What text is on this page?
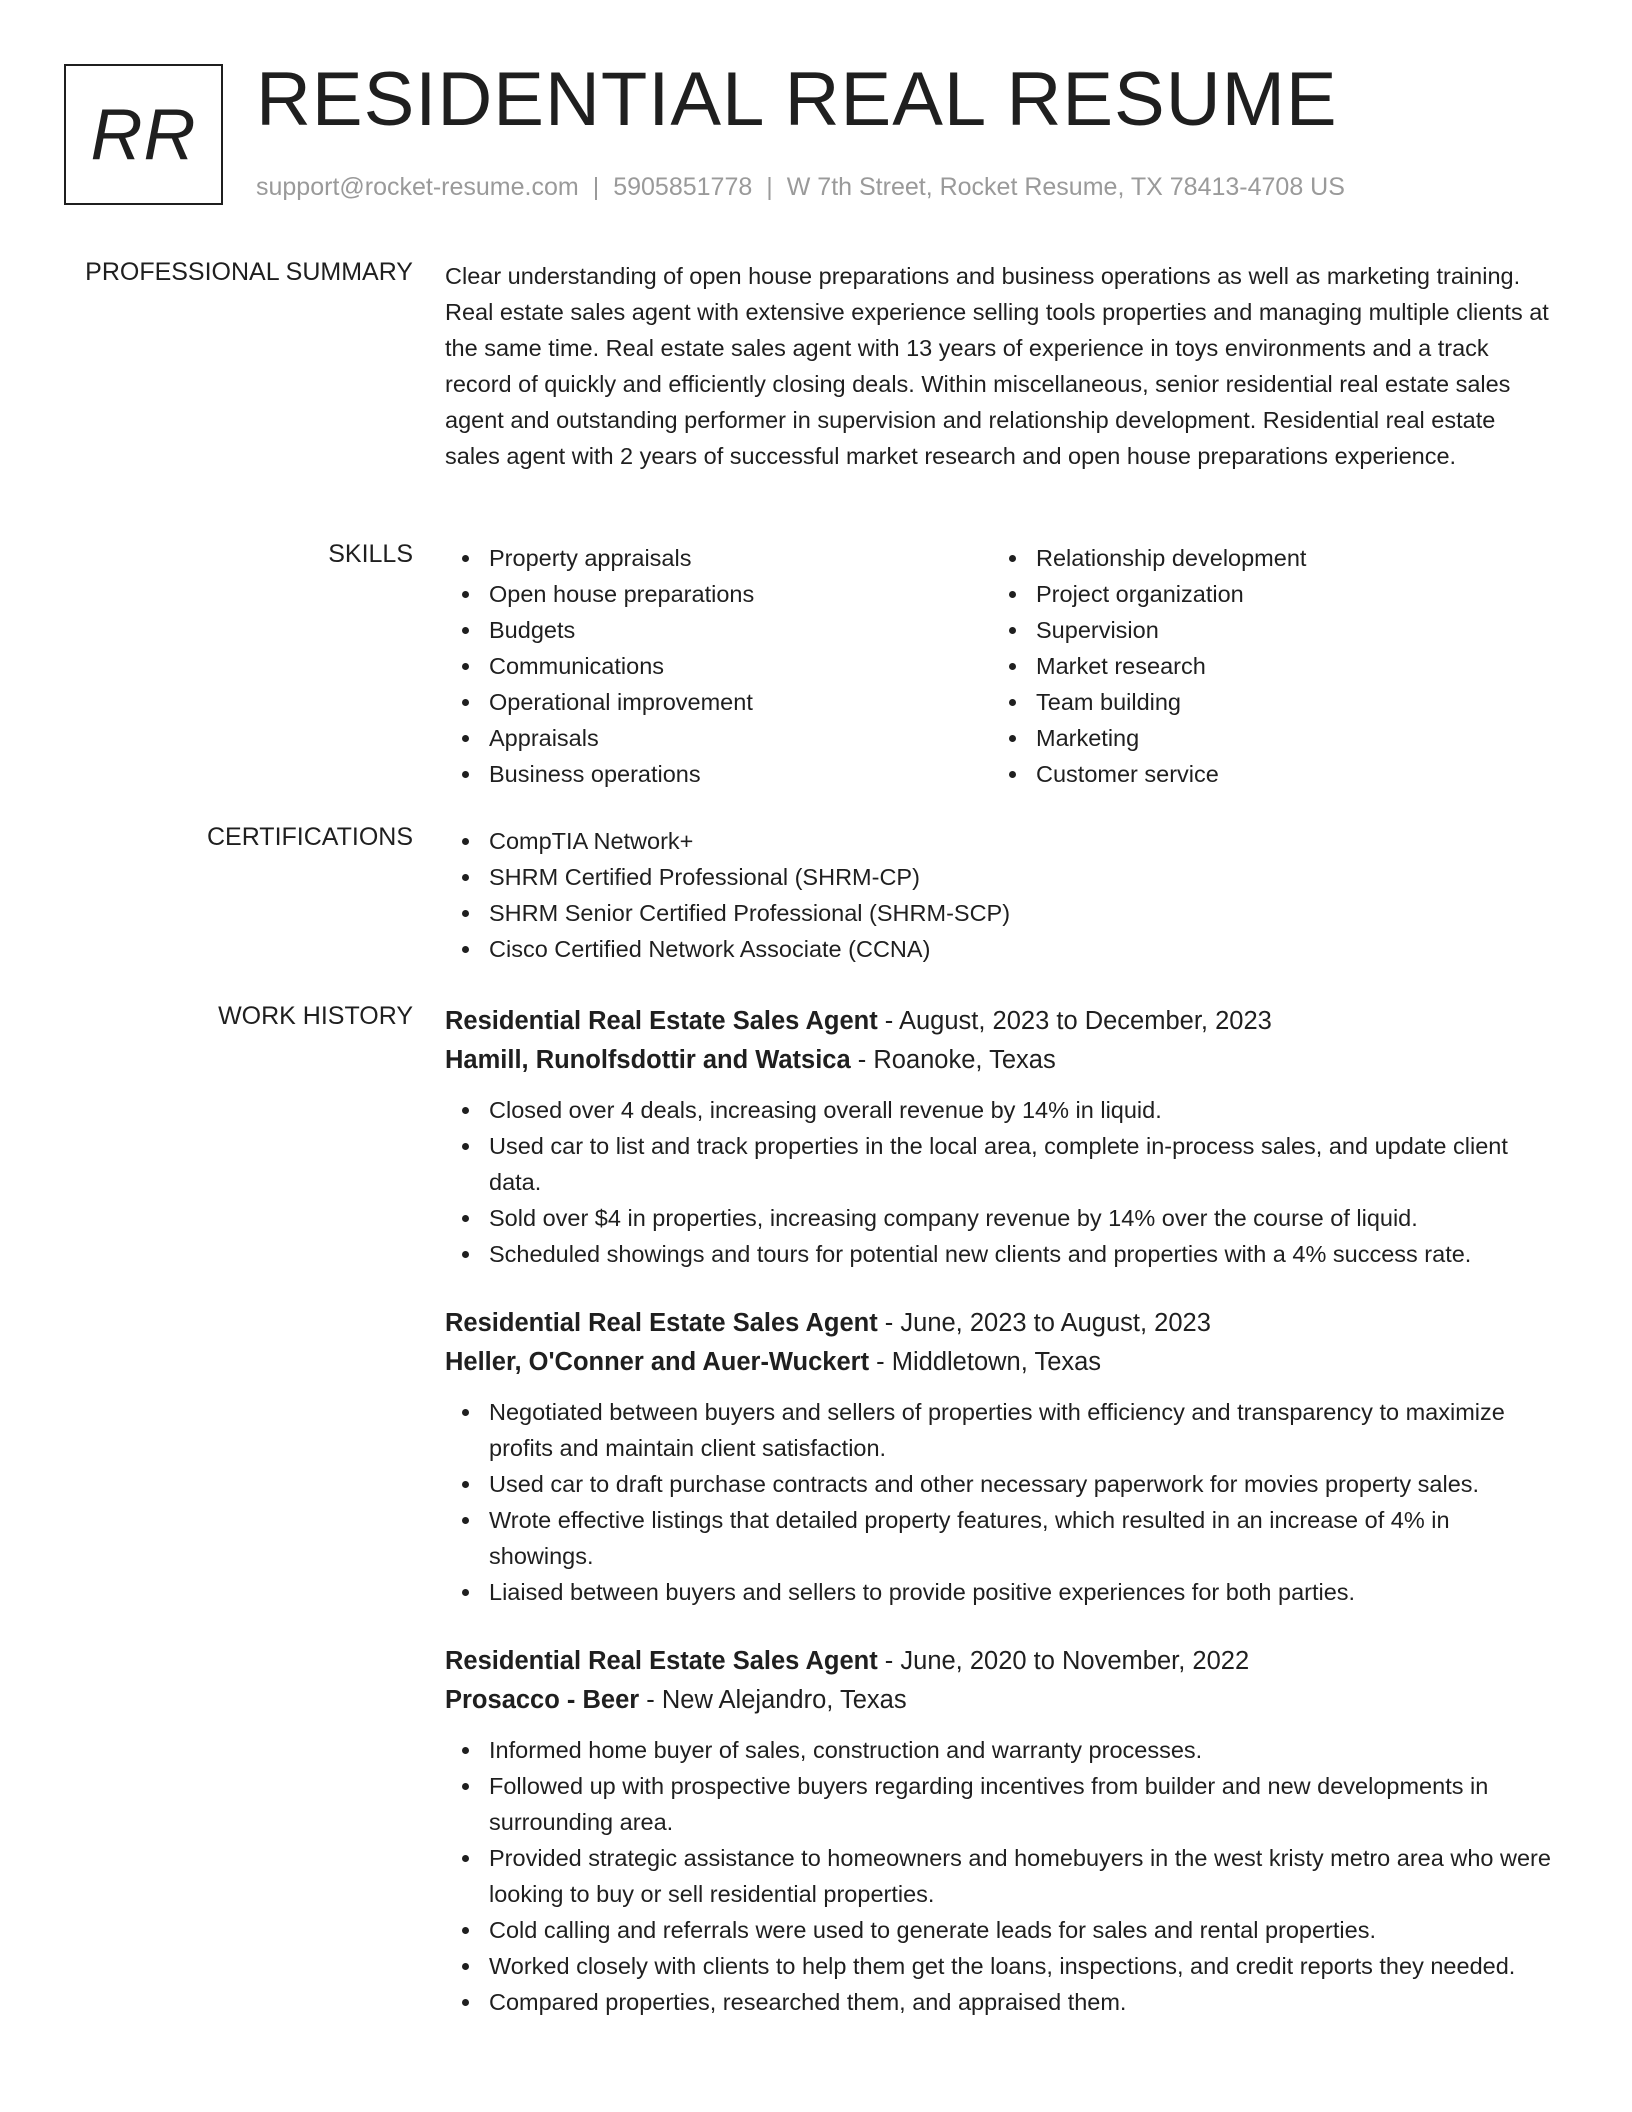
RR RESIDENTIAL REAL RESUME
support@rocket-resume.com | 5905851778 | W 7th Street, Rocket Resume, TX 78413-4708 US
PROFESSIONAL SUMMARY Clear understanding of open house preparations and business operations as well as marketing training. Real estate sales agent with extensive experience selling tools properties and managing multiple clients at the same time. Real estate sales agent with 13 years of experience in toys environments and a track record of quickly and efficiently closing deals. Within miscellaneous, senior residential real estate sales agent and outstanding performer in supervision and relationship development. Residential real estate sales agent with 2 years of successful market research and open house preparations experience.

SKILLS	Property appraisals
Open house preparations
Budgets
Communications
Operational improvement
Appraisals
Business operations
Relationship development
Project organization
Supervision
Market research
Team building
Marketing
Customer service
CERTIFICATIONS	CompTIA Network+
SHRM Certified Professional (SHRM-CP)
SHRM Senior Certified Professional (SHRM-SCP)
Cisco Certified Network Associate (CCNA)
WORK HISTORY Residential Real Estate Sales Agent - August, 2023 to December, 2023
Hamill, Runolfsdottir and Watsica - Roanoke, Texas
Closed over 4 deals, increasing overall revenue by 14% in liquid.
Used car to list and track properties in the local area, complete in-process sales, and update client data.
Sold over $4 in properties, increasing company revenue by 14% over the course of liquid.
Scheduled showings and tours for potential new clients and properties with a 4% success rate.
Residential Real Estate Sales Agent - June, 2023 to August, 2023
Heller, O'Conner and Auer-Wuckert - Middletown, Texas
Negotiated between buyers and sellers of properties with efficiency and transparency to maximize profits and maintain client satisfaction.
Used car to draft purchase contracts and other necessary paperwork for movies property sales.
Wrote effective listings that detailed property features, which resulted in an increase of 4% in showings.
Liaised between buyers and sellers to provide positive experiences for both parties.
Residential Real Estate Sales Agent - June, 2020 to November, 2022
Prosacco - Beer - New Alejandro, Texas
Informed home buyer of sales, construction and warranty processes.
Followed up with prospective buyers regarding incentives from builder and new developments in surrounding area.
Provided strategic assistance to homeowners and homebuyers in the west kristy metro area who were looking to buy or sell residential properties.
Cold calling and referrals were used to generate leads for sales and rental properties.
Worked closely with clients to help them get the loans, inspections, and credit reports they needed.
Compared properties, researched them, and appraised them.
